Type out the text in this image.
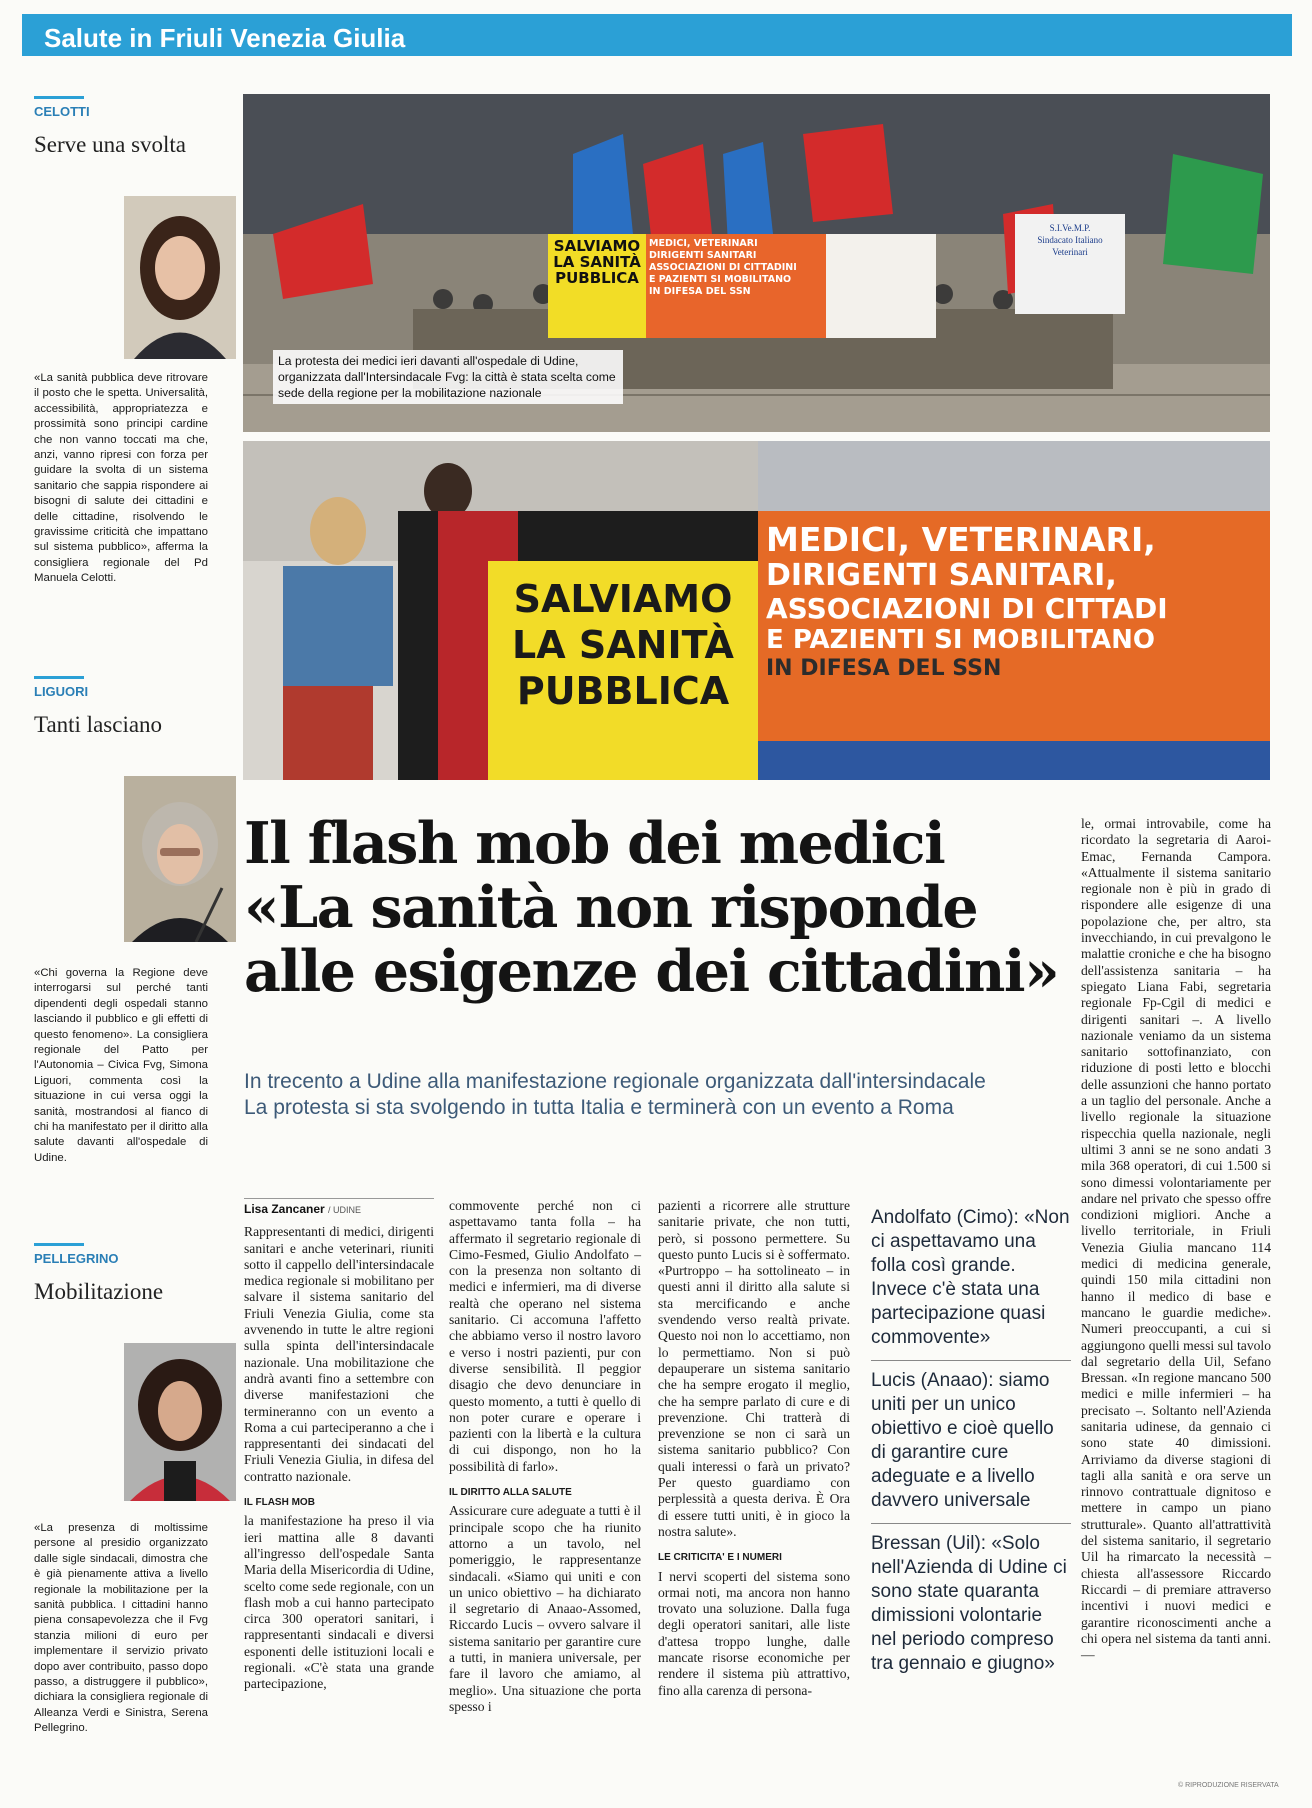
Salute in Friuli Venezia Giulia
CELOTTI
Serve una svolta
«La sanità pubblica deve ritrovare il posto che le spetta. Universalità, accessibilità, appropriatezza e prossimità sono principi cardine che non vanno toccati ma che, anzi, vanno ripresi con forza per guidare la svolta di un sistema sanitario che sappia rispondere ai bisogni di salute dei cittadini e delle cittadine, risolvendo le gravissime criticità che impattano sul sistema pubblico», afferma la consigliera regionale del Pd Manuela Celotti.
LIGUORI
Tanti lasciano
«Chi governa la Regione deve interrogarsi sul perché tanti dipendenti degli ospedali stanno lasciando il pubblico e gli effetti di questo fenomeno». La consigliera regionale del Patto per l'Autonomia – Civica Fvg, Simona Liguori, commenta così la situazione in cui versa oggi la sanità, mostrandosi al fianco di chi ha manifestato per il diritto alla salute davanti all'ospedale di Udine.
PELLEGRINO
Mobilitazione
«La presenza di moltissime persone al presidio organizzato dalle sigle sindacali, dimostra che è già pienamente attiva a livello regionale la mobilitazione per la sanità pubblica. I cittadini hanno piena consapevolezza che il Fvg stanzia milioni di euro per implementare il servizio privato dopo aver contribuito, passo dopo passo, a distruggere il pubblico», dichiara la consigliera regionale di Alleanza Verdi e Sinistra, Serena Pellegrino.
SALVIAMO
LA SANITÀ
PUBBLICA
MEDICI, VETERINARI
DIRIGENTI SANITARI
ASSOCIAZIONI DI CITTADINI
E PAZIENTI SI MOBILITANO
IN DIFESA DEL SSN
S.I.Ve.M.P.
Sindacato Italiano
Veterinari
La protesta dei medici ieri davanti all'ospedale di Udine, organizzata dall'Intersindacale Fvg: la città è stata scelta come sede della regione per la mobilitazione nazionale
SALVIAMO
LA SANITÀ
PUBBLICA
MEDICI, VETERINARI,
DIRIGENTI SANITARI,
ASSOCIAZIONI DI CITTADI
E PAZIENTI SI MOBILITANO
IN DIFESA DEL SSN
Il flash mob dei medici
«La sanità non risponde
alle esigenze dei cittadini»
In trecento a Udine alla manifestazione regionale organizzata dall'intersindacale
La protesta si sta svolgendo in tutta Italia e terminerà con un evento a Roma
Lisa Zancaner / UDINE
Rappresentanti di medici, dirigenti sanitari e anche veterinari, riuniti sotto il cappello dell'intersindacale medica regionale si mobilitano per salvare il sistema sanitario del Friuli Venezia Giulia, come sta avvenendo in tutte le altre regioni sulla spinta dell'intersindacale nazionale. Una mobilitazione che andrà avanti fino a settembre con diverse manifestazioni che termineranno con un evento a Roma a cui parteciperanno a che i rappresentanti dei sindacati del Friuli Venezia Giulia, in difesa del contratto nazionale.
IL FLASH MOB
la manifestazione ha preso il via ieri mattina alle 8 davanti all'ingresso dell'ospedale Santa Maria della Misericordia di Udine, scelto come sede regionale, con un flash mob a cui hanno partecipato circa 300 operatori sanitari, i rappresentanti sindacali e diversi esponenti delle istituzioni locali e regionali. «C'è stata una grande partecipazione,
commovente perché non ci aspettavamo tanta folla – ha affermato il segretario regionale di Cimo-Fesmed, Giulio Andolfato – con la presenza non soltanto di medici e infermieri, ma di diverse realtà che operano nel sistema sanitario. Ci accomuna l'affetto che abbiamo verso il nostro lavoro e verso i nostri pazienti, pur con diverse sensibilità. Il peggior disagio che devo denunciare in questo momento, a tutti è quello di non poter curare e operare i pazienti con la libertà e la cultura di cui dispongo, non ho la possibilità di farlo».
IL DIRITTO ALLA SALUTE
Assicurare cure adeguate a tutti è il principale scopo che ha riunito attorno a un tavolo, nel pomeriggio, le rappresentanze sindacali. «Siamo qui uniti e con un unico obiettivo – ha dichiarato il segretario di Anaao-Assomed, Riccardo Lucis – ovvero salvare il sistema sanitario per garantire cure a tutti, in maniera universale, per fare il lavoro che amiamo, al meglio». Una situazione che porta spesso i
pazienti a ricorrere alle strutture sanitarie private, che non tutti, però, si possono permettere. Su questo punto Lucis si è soffermato. «Purtroppo – ha sottolineato – in questi anni il diritto alla salute si sta mercificando e anche svendendo verso realtà private. Questo noi non lo accettiamo, non lo permettiamo. Non si può depauperare un sistema sanitario che ha sempre erogato il meglio, che ha sempre parlato di cure e di prevenzione. Chi tratterà di prevenzione se non ci sarà un sistema sanitario pubblico? Con quali interessi o farà un privato? Per questo guardiamo con perplessità a questa deriva. È Ora di essere tutti uniti, è in gioco la nostra salute».
LE CRITICITA' E I NUMERI
I nervi scoperti del sistema sono ormai noti, ma ancora non hanno trovato una soluzione. Dalla fuga degli operatori sanitari, alle liste d'attesa troppo lunghe, dalle mancate risorse economiche per rendere il sistema più attrattivo, fino alla carenza di persona-
Andolfato (Cimo): «Non ci aspettavamo una folla così grande. Invece c'è stata una partecipazione quasi commovente»
Lucis (Anaao): siamo uniti per un unico obiettivo e cioè quello di garantire cure adeguate e a livello davvero universale
Bressan (Uil): «Solo nell'Azienda di Udine ci sono state quaranta dimissioni volontarie nel periodo compreso tra gennaio e giugno»
le, ormai introvabile, come ha ricordato la segretaria di Aaroi-Emac, Fernanda Campora. «Attualmente il sistema sanitario regionale non è più in grado di rispondere alle esigenze di una popolazione che, per altro, sta invecchiando, in cui prevalgono le malattie croniche e che ha bisogno dell'assistenza sanitaria – ha spiegato Liana Fabi, segretaria regionale Fp-Cgil di medici e dirigenti sanitari –. A livello nazionale veniamo da un sistema sanitario sottofinanziato, con riduzione di posti letto e blocchi delle assunzioni che hanno portato a un taglio del personale. Anche a livello regionale la situazione rispecchia quella nazionale, negli ultimi 3 anni se ne sono andati 3 mila 368 operatori, di cui 1.500 si sono dimessi volontariamente per andare nel privato che spesso offre condizioni migliori. Anche a livello territoriale, in Friuli Venezia Giulia mancano 114 medici di medicina generale, quindi 150 mila cittadini non hanno il medico di base e mancano le guardie mediche». Numeri preoccupanti, a cui si aggiungono quelli messi sul tavolo dal segretario della Uil, Sefano Bressan. «In regione mancano 500 medici e mille infermieri – ha precisato –. Soltanto nell'Azienda sanitaria udinese, da gennaio ci sono state 40 dimissioni. Arriviamo da diverse stagioni di tagli alla sanità e ora serve un rinnovo contrattuale dignitoso e mettere in campo un piano strutturale». Quanto all'attrattività del sistema sanitario, il segretario Uil ha rimarcato la necessità – chiesta all'assessore Riccardo Riccardi – di premiare attraverso incentivi i nuovi medici e garantire riconoscimenti anche a chi opera nel sistema da tanti anni. —
© RIPRODUZIONE RISERVATA
